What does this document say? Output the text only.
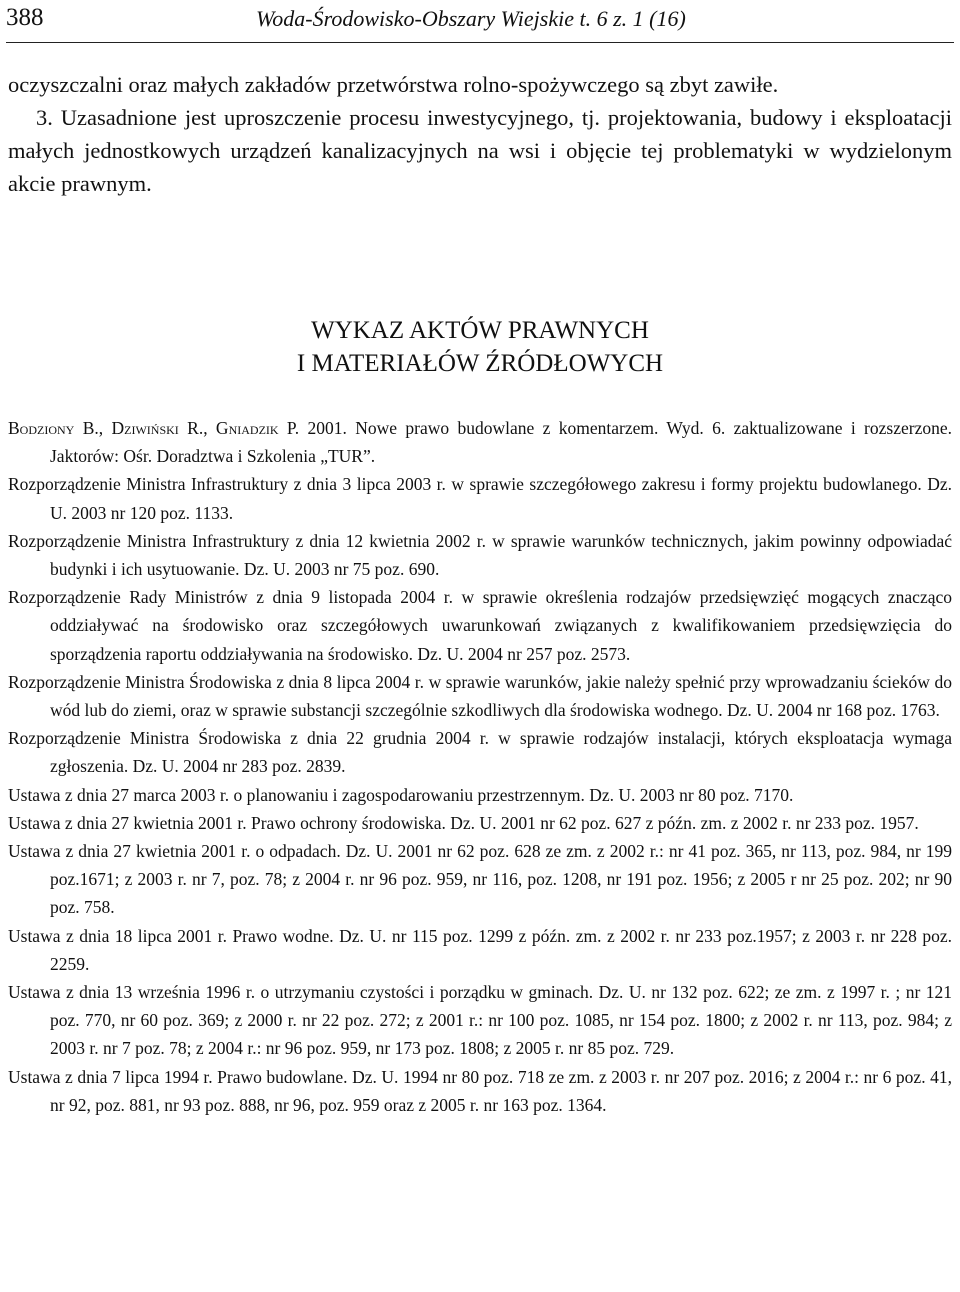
388	Woda-Środowisko-Obszary Wiejskie t. 6 z. 1 (16)

oczyszczalni oraz małych zakładów przetwórstwa rolno-spożywczego są zbyt zawiłe.

3. Uzasadnione jest uproszczenie procesu inwestycyjnego, tj. projektowania, budowy i eksploatacji małych jednostkowych urządzeń kanalizacyjnych na wsi i objęcie tej problematyki w wydzielonym akcie prawnym.

WYKAZ AKTÓW PRAWNYCH
I MATERIAŁÓW ŹRÓDŁOWYCH
Bodziony B., Dziwiński R., Gniadzik P. 2001. Nowe prawo budowlane z komentarzem. Wyd. 6. zaktualizowane i rozszerzone. Jaktorów: Ośr. Doradztwa i Szkolenia „TUR”.
Rozporządzenie Ministra Infrastruktury z dnia 3 lipca 2003 r. w sprawie szczegółowego zakresu i formy projektu budowlanego. Dz. U. 2003 nr 120 poz. 1133.
Rozporządzenie Ministra Infrastruktury z dnia 12 kwietnia 2002 r. w sprawie warunków technicznych, jakim powinny odpowiadać budynki i ich usytuowanie. Dz. U. 2003 nr 75 poz. 690.
Rozporządzenie Rady Ministrów z dnia 9 listopada 2004 r. w sprawie określenia rodzajów przedsięwzięć mogących znacząco oddziaływać na środowisko oraz szczegółowych uwarunkowań związanych z kwalifikowaniem przedsięwzięcia do sporządzenia raportu oddziaływania na środowisko. Dz. U. 2004 nr 257 poz. 2573.
Rozporządzenie Ministra Środowiska z dnia 8 lipca 2004 r. w sprawie warunków, jakie należy spełnić przy wprowadzaniu ścieków do wód lub do ziemi, oraz w sprawie substancji szczególnie szkodliwych dla środowiska wodnego. Dz. U. 2004 nr 168 poz. 1763.
Rozporządzenie Ministra Środowiska z dnia 22 grudnia 2004 r. w sprawie rodzajów instalacji, których eksploatacja wymaga zgłoszenia. Dz. U. 2004 nr 283 poz. 2839.
Ustawa z dnia 27 marca 2003 r. o planowaniu i zagospodarowaniu przestrzennym. Dz. U. 2003 nr 80 poz. 7170.
Ustawa z dnia 27 kwietnia 2001 r. Prawo ochrony środowiska. Dz. U. 2001 nr 62 poz. 627 z późn. zm. z 2002 r. nr 233 poz. 1957.
Ustawa z dnia 27 kwietnia 2001 r. o odpadach. Dz. U. 2001 nr 62 poz. 628 ze zm. z 2002 r.: nr 41 poz. 365, nr 113, poz. 984, nr 199 poz.1671; z 2003 r. nr 7, poz. 78; z 2004 r. nr 96 poz. 959, nr 116, poz. 1208, nr 191 poz. 1956; z 2005 r nr 25 poz. 202; nr 90 poz. 758.
Ustawa z dnia 18 lipca 2001 r. Prawo wodne. Dz. U. nr 115 poz. 1299 z późn. zm. z 2002 r. nr 233 poz.1957; z 2003 r. nr 228 poz. 2259.
Ustawa z dnia 13 września 1996 r. o utrzymaniu czystości i porządku w gminach. Dz. U. nr 132 poz. 622; ze zm. z 1997 r. ; nr 121 poz. 770, nr 60 poz. 369; z 2000 r. nr 22 poz. 272; z 2001 r.: nr 100 poz. 1085, nr 154 poz. 1800; z 2002 r. nr 113, poz. 984; z 2003 r. nr 7 poz. 78; z 2004 r.: nr 96 poz. 959, nr 173 poz. 1808; z 2005 r. nr 85 poz. 729.
Ustawa z dnia 7 lipca 1994 r. Prawo budowlane. Dz. U. 1994 nr 80 poz. 718 ze zm. z 2003 r. nr 207 poz. 2016; z 2004 r.: nr 6 poz. 41, nr 92, poz. 881, nr 93 poz. 888, nr 96, poz. 959 oraz z 2005 r. nr 163 poz. 1364.
